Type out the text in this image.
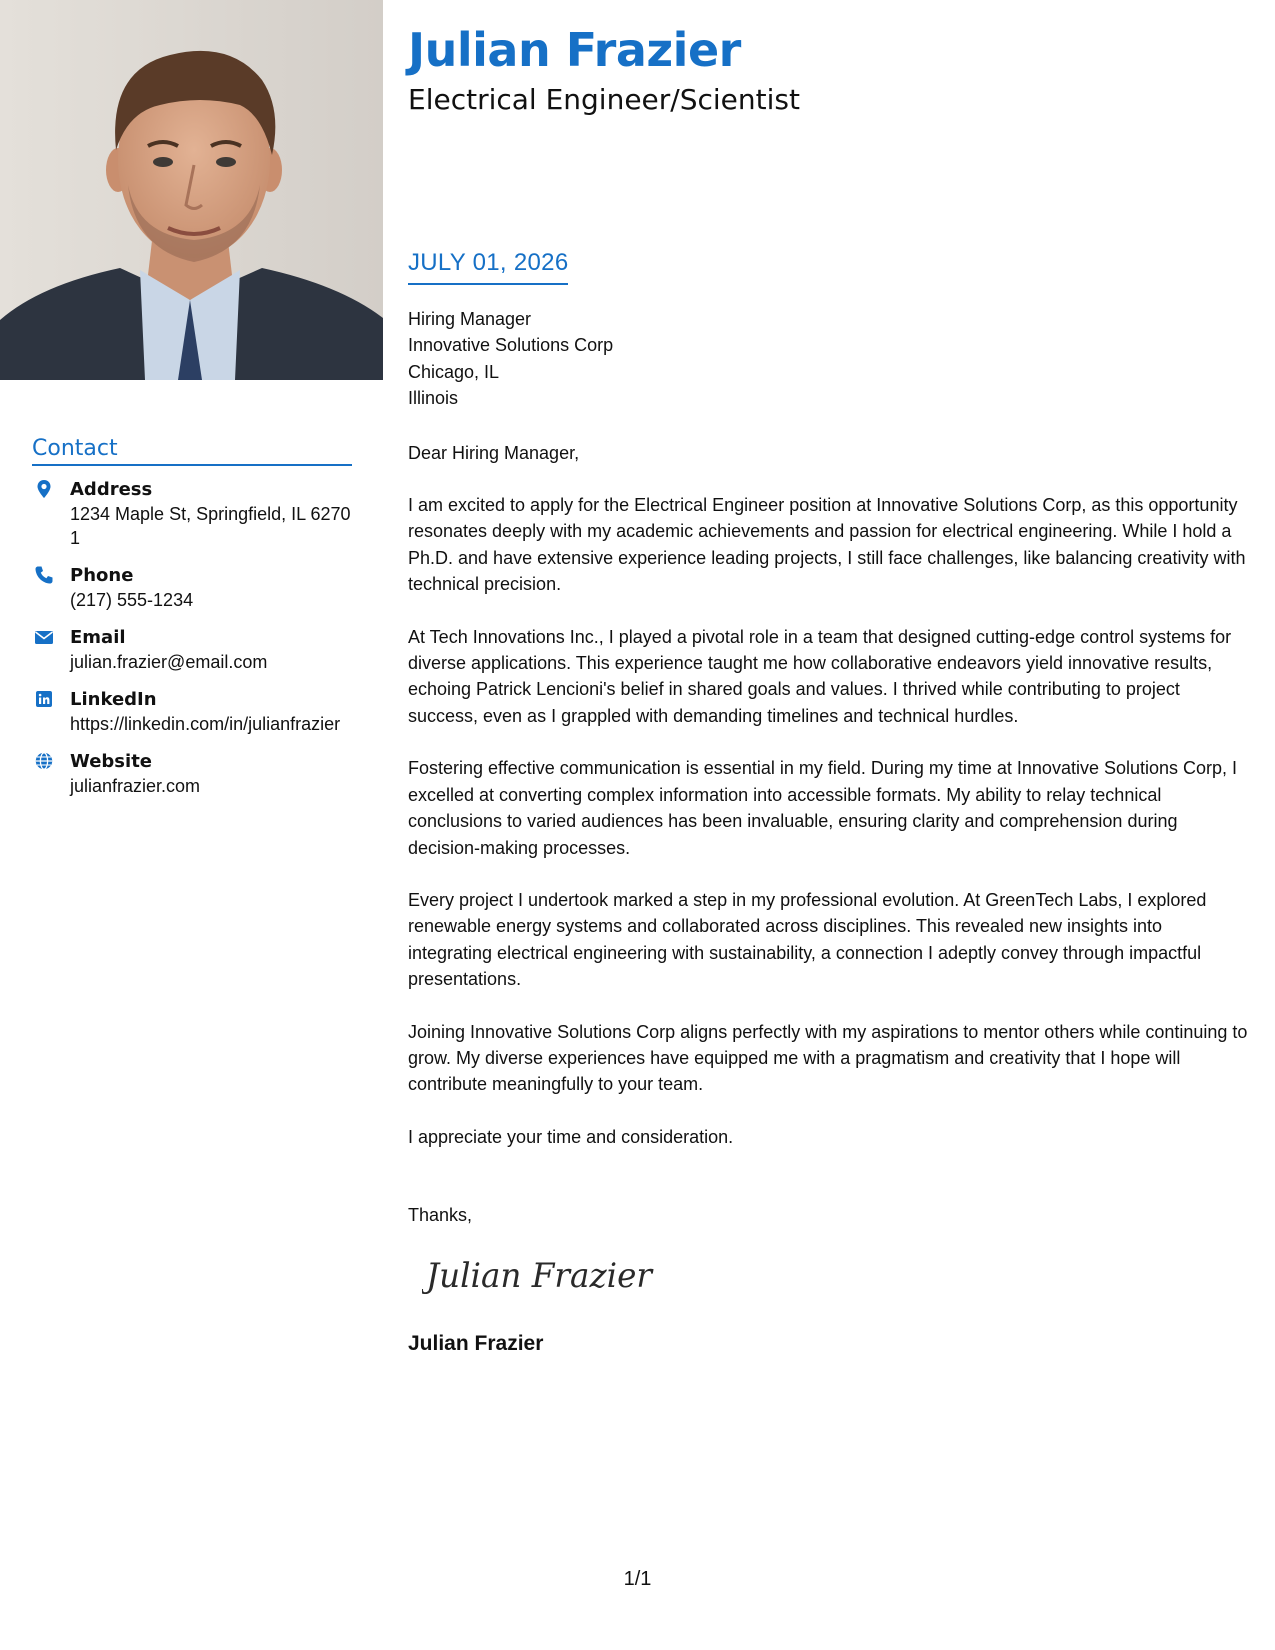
Contact
Address
1234 Maple St, Springfield, IL 62701
Phone
(217) 555-1234
Email
julian.frazier@email.com
LinkedIn
https://linkedin.com/in/julianfrazier
Website
julianfrazier.com
Julian Frazier
Electrical Engineer/Scientist
JULY 01, 2026
Hiring Manager
Innovative Solutions Corp
Chicago, IL
Illinois
Dear Hiring Manager,

I am excited to apply for the Electrical Engineer position at Innovative Solutions Corp, as this opportunity resonates deeply with my academic achievements and passion for electrical engineering. While I hold a Ph.D. and have extensive experience leading projects, I still face challenges, like balancing creativity with technical precision.

At Tech Innovations Inc., I played a pivotal role in a team that designed cutting-edge control systems for diverse applications. This experience taught me how collaborative endeavors yield innovative results, echoing Patrick Lencioni's belief in shared goals and values. I thrived while contributing to project success, even as I grappled with demanding timelines and technical hurdles.

Fostering effective communication is essential in my field. During my time at Innovative Solutions Corp, I excelled at converting complex information into accessible formats. My ability to relay technical conclusions to varied audiences has been invaluable, ensuring clarity and comprehension during decision-making processes.

Every project I undertook marked a step in my professional evolution. At GreenTech Labs, I explored renewable energy systems and collaborated across disciplines. This revealed new insights into integrating electrical engineering with sustainability, a connection I adeptly convey through impactful presentations.

Joining Innovative Solutions Corp aligns perfectly with my aspirations to mentor others while continuing to grow. My diverse experiences have equipped me with a pragmatism and creativity that I hope will contribute meaningfully to your team.

I appreciate your time and consideration.
Thanks,
Julian Frazier
Julian Frazier
1/1
